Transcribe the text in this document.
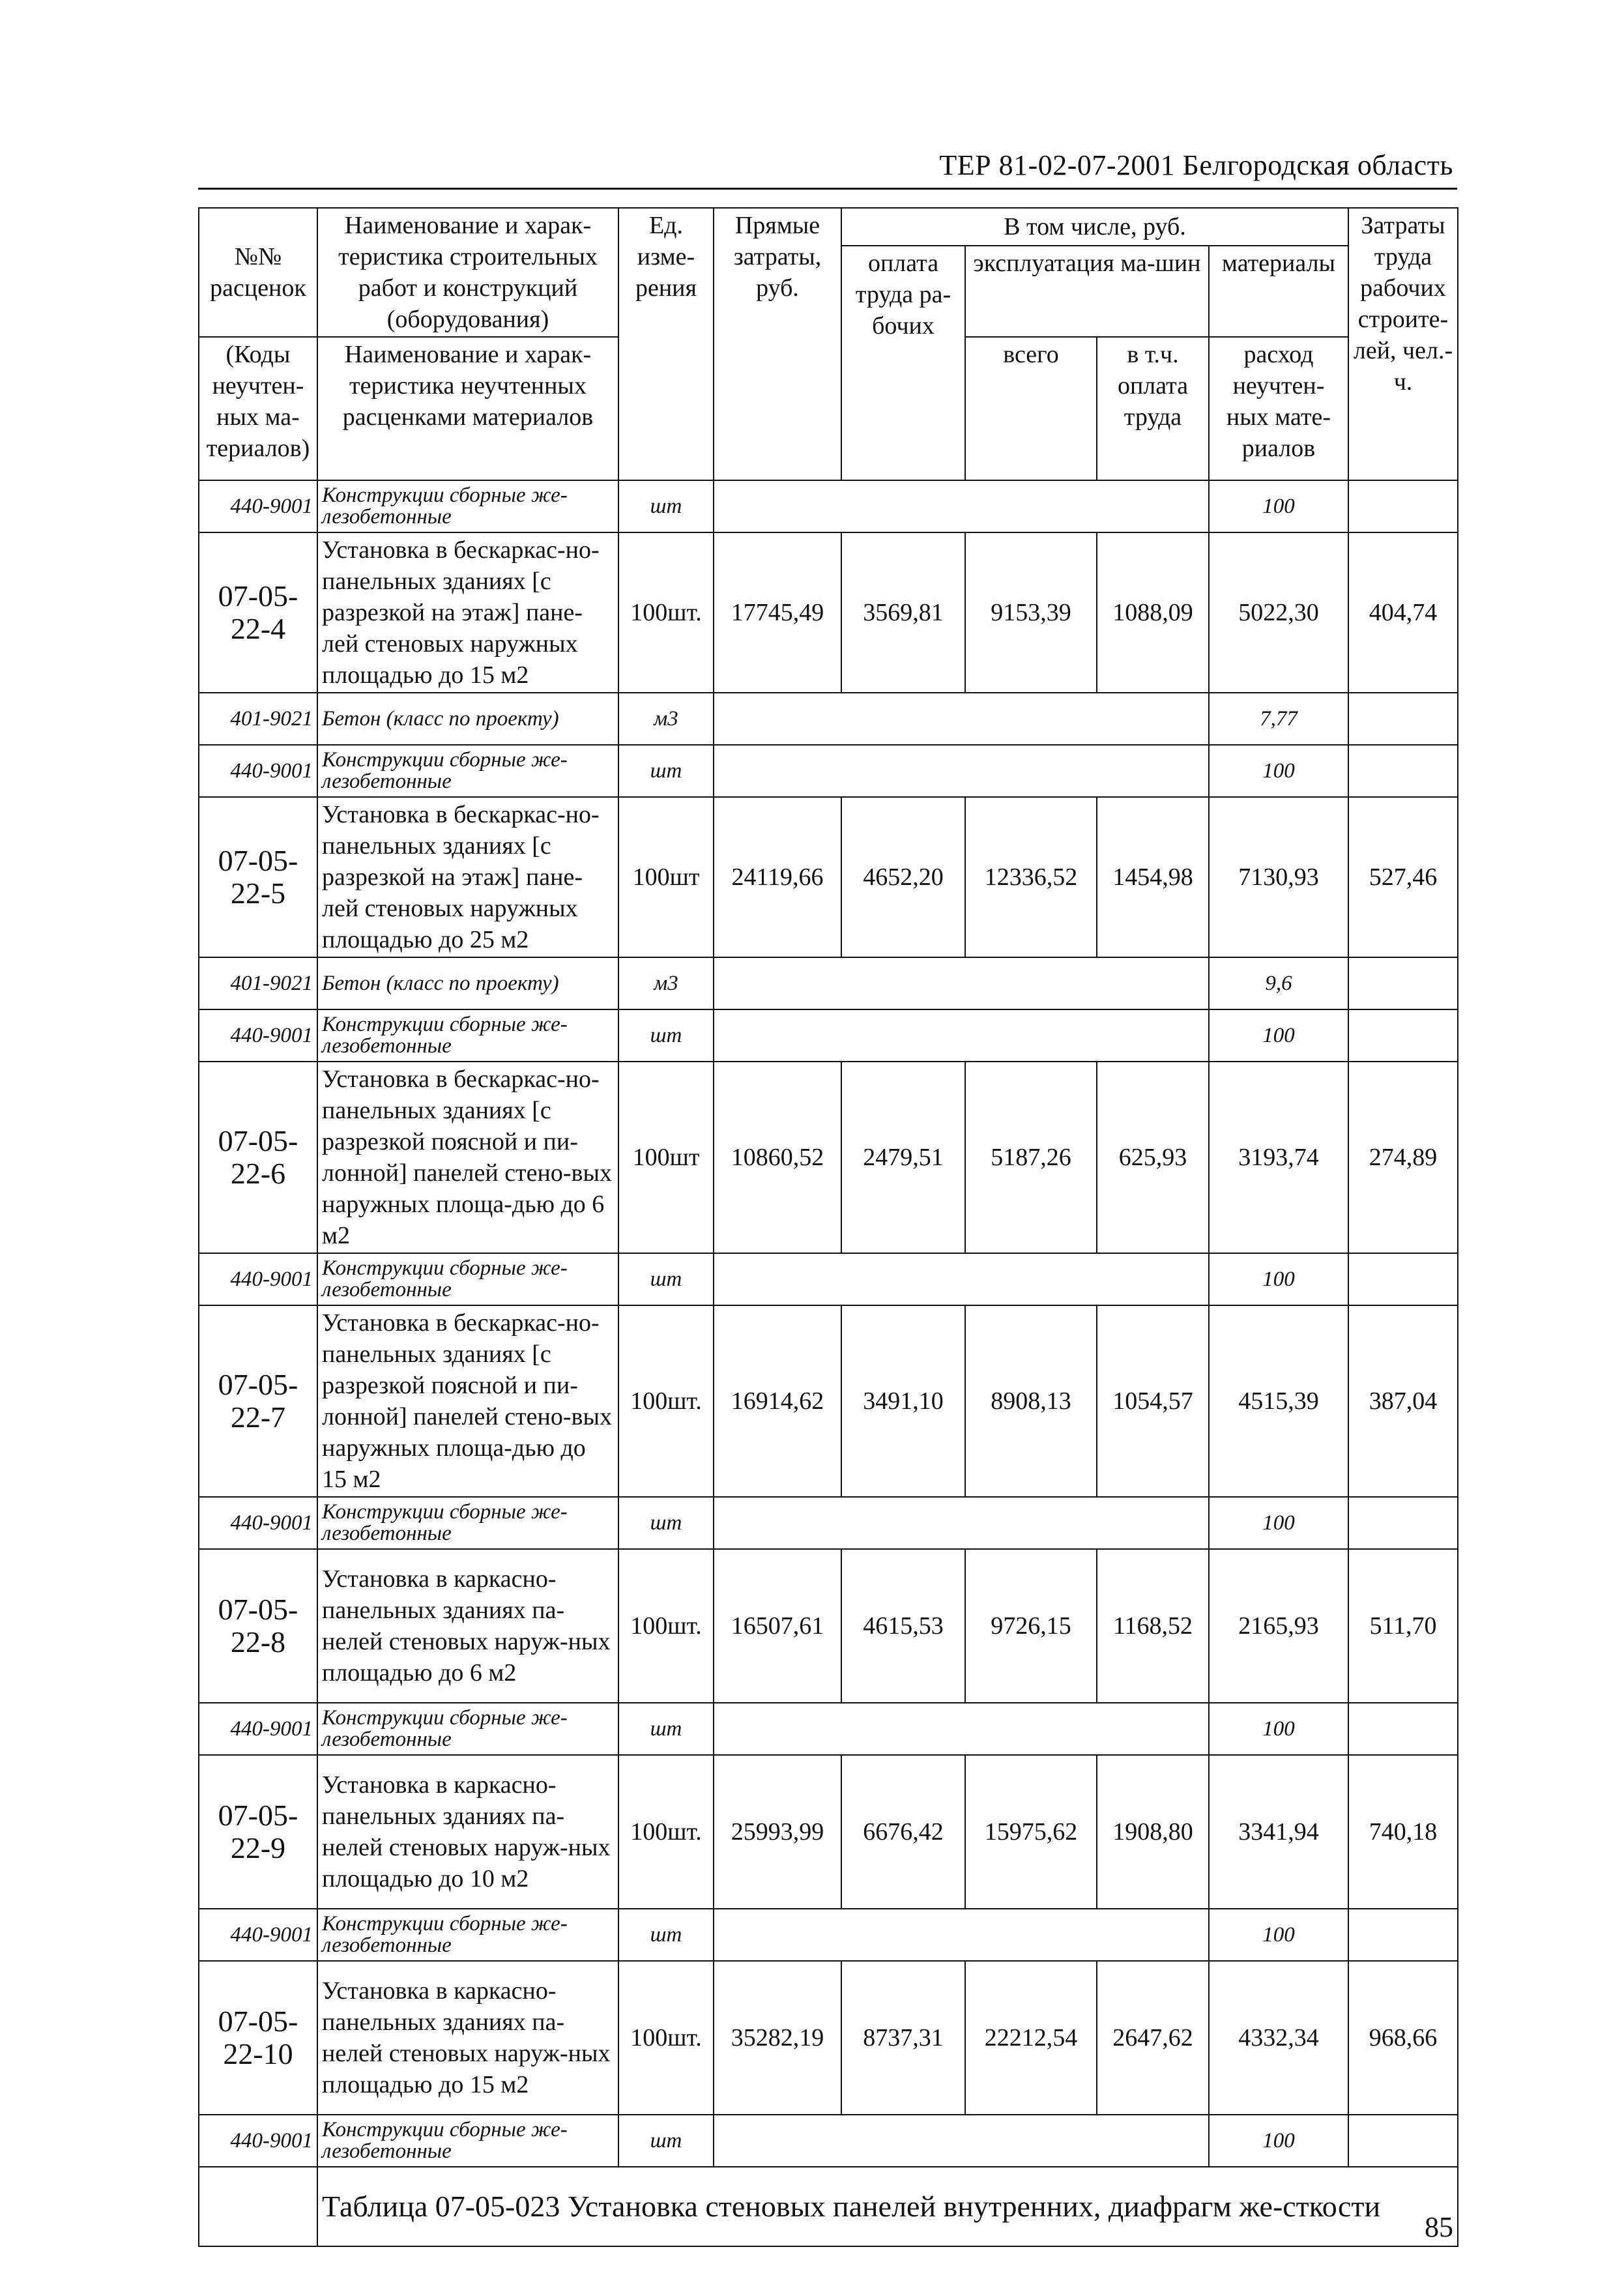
ТЕР 81-02-07-2001 Белгородская область
№№ расценок	Наименование и харак-теристика строительных работ и конструкций (оборудования)	Ед. изме-рения	Прямые затраты, руб.	В том числе, руб.				Затраты труда рабочих строите-лей, чел.-ч.
				оплата труда ра-бочих	эксплуатация ма-шин		материалы	
(Коды неучтен-ных ма-териалов)	Наименование и харак-теристика неучтенных расценками материалов				всего	в т.ч. оплата труда	расход неучтен-ных мате-риалов	
440-9001	Конструкции сборные же-лезобетонные	шт					100	
07-05-22-4	Установка в бескаркас-но-панельных зданиях [с разрезкой на этаж] пане-лей стеновых наружных площадью до 15 м2	100шт.	17745,49	3569,81	9153,39	1088,09	5022,30	404,74
401-9021	Бетон (класс по проекту)	м3					7,77	
440-9001	Конструкции сборные же-лезобетонные	шт					100	
07-05-22-5	Установка в бескаркас-но-панельных зданиях [с разрезкой на этаж] пане-лей стеновых наружных площадью до 25 м2	100шт	24119,66	4652,20	12336,52	1454,98	7130,93	527,46
401-9021	Бетон (класс по проекту)	м3					9,6	
440-9001	Конструкции сборные же-лезобетонные	шт					100	
07-05-22-6	Установка в бескаркас-но-панельных зданиях [с разрезкой поясной и пи-лонной] панелей стено-вых наружных площа-дью до 6 м2	100шт	10860,52	2479,51	5187,26	625,93	3193,74	274,89
440-9001	Конструкции сборные же-лезобетонные	шт					100	
07-05-22-7	Установка в бескаркас-но-панельных зданиях [с разрезкой поясной и пи-лонной] панелей стено-вых наружных площа-дью до 15 м2	100шт.	16914,62	3491,10	8908,13	1054,57	4515,39	387,04
440-9001	Конструкции сборные же-лезобетонные	шт					100	
07-05-22-8	Установка в каркасно-панельных зданиях па-нелей стеновых наруж-ных площадью до 6 м2	100шт.	16507,61	4615,53	9726,15	1168,52	2165,93	511,70
440-9001	Конструкции сборные же-лезобетонные	шт					100	
07-05-22-9	Установка в каркасно-панельных зданиях па-нелей стеновых наруж-ных площадью до 10 м2	100шт.	25993,99	6676,42	15975,62	1908,80	3341,94	740,18
440-9001	Конструкции сборные же-лезобетонные	шт					100	
07-05-22-10	Установка в каркасно-панельных зданиях па-нелей стеновых наруж-ных площадью до 15 м2	100шт.	35282,19	8737,31	22212,54	2647,62	4332,34	968,66
440-9001	Конструкции сборные же-лезобетонные	шт					100	
	Таблица 07-05-023 Установка стеновых панелей внутренних, диафрагм же-сткости							
85
